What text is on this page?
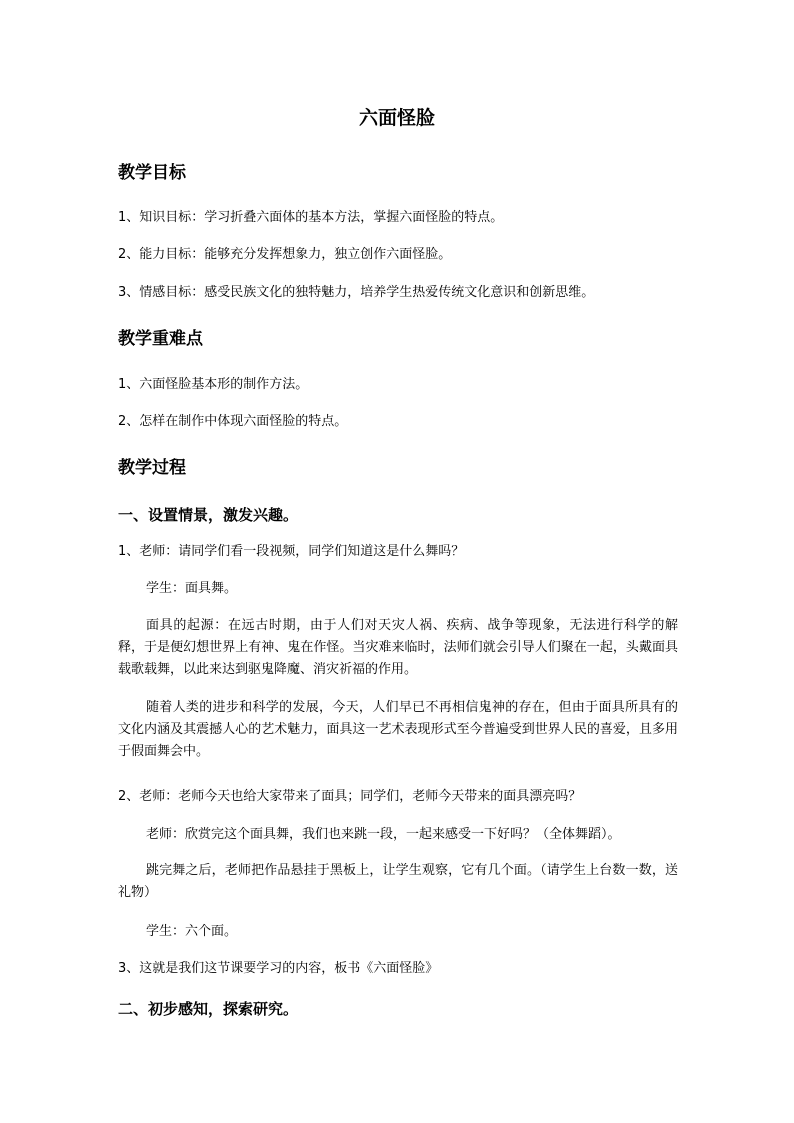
六面怪脸
教学目标
1、知识目标：学习折叠六面体的基本方法，掌握六面怪脸的特点。
2、能力目标：能够充分发挥想象力，独立创作六面怪脸。
3、情感目标：感受民族文化的独特魅力，培养学生热爱传统文化意识和创新思维。
教学重难点
1、六面怪脸基本形的制作方法。
2、怎样在制作中体现六面怪脸的特点。
教学过程
一、设置情景，激发兴趣。
1、老师：请同学们看一段视频，同学们知道这是什么舞吗？
学生：面具舞。
面具的起源：在远古时期，由于人们对天灾人祸、疾病、战争等现象，无法进行科学的解释，于是便幻想世界上有神、鬼在作怪。当灾难来临时，法师们就会引导人们聚在一起，头戴面具载歌载舞，以此来达到驱鬼降魔、消灾祈福的作用。
随着人类的进步和科学的发展，今天，人们早已不再相信鬼神的存在，但由于面具所具有的文化内涵及其震撼人心的艺术魅力，面具这一艺术表现形式至今普遍受到世界人民的喜爱，且多用于假面舞会中。
2、老师：老师今天也给大家带来了面具；同学们，老师今天带来的面具漂亮吗？
老师：欣赏完这个面具舞，我们也来跳一段，一起来感受一下好吗？（全体舞蹈）。
跳完舞之后，老师把作品悬挂于黑板上，让学生观察，它有几个面。（请学生上台数一数，送礼物）
学生：六个面。
3、这就是我们这节课要学习的内容，板书《六面怪脸》
二、初步感知，探索研究。
